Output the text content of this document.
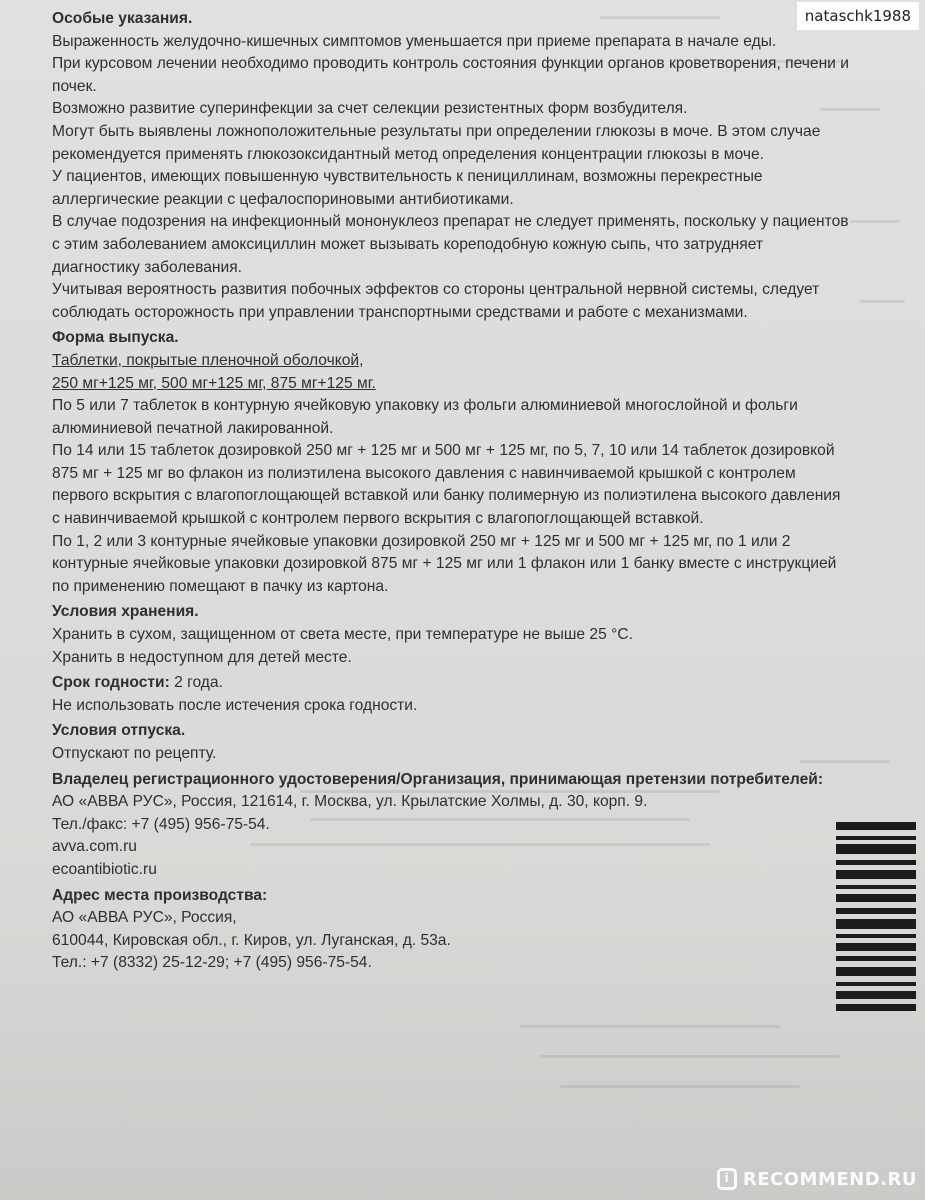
Особые указания.

Выраженность желудочно-кишечных симптомов уменьшается при приеме препарата в начале еды.

При курсовом лечении необходимо проводить контроль состояния функции органов кроветворения, печени и почек.

Возможно развитие суперинфекции за счет селекции резистентных форм возбудителя.

Могут быть выявлены ложноположительные результаты при определении глюкозы в моче. В этом случае рекомендуется применять глюкозоксидантный метод определения концентрации глюкозы в моче.

У пациентов, имеющих повышенную чувствительность к пенициллинам, возможны перекрестные аллергические реакции с цефалоспориновыми антибиотиками.

В случае подозрения на инфекционный мононуклеоз препарат не следует применять, поскольку у пациентов с этим заболеванием амоксициллин может вызывать кореподобную кожную сыпь, что затрудняет диагностику заболевания.

Учитывая вероятность развития побочных эффектов со стороны центральной нервной системы, следует соблюдать осторожность при управлении транспортными средствами и работе с механизмами.

Форма выпуска.

Таблетки, покрытые пленочной оболочкой,

250 мг+125 мг, 500 мг+125 мг, 875 мг+125 мг.

По 5 или 7 таблеток в контурную ячейковую упаковку из фольги алюминиевой многослойной и фольги алюминиевой печатной лакированной.

По 14 или 15 таблеток дозировкой 250 мг + 125 мг и 500 мг + 125 мг, по 5, 7, 10 или 14 таблеток дозировкой 875 мг + 125 мг во флакон из полиэтилена высокого давления с навинчиваемой крышкой с контролем первого вскрытия с влагопоглощающей вставкой или банку полимерную из полиэтилена высокого давления с навинчиваемой крышкой с контролем первого вскрытия с влагопоглощающей вставкой.

По 1, 2 или 3 контурные ячейковые упаковки дозировкой 250 мг + 125 мг и 500 мг + 125 мг, по 1 или 2 контурные ячейковые упаковки дозировкой 875 мг + 125 мг или 1 флакон или 1 банку вместе с инструкцией по применению помещают в пачку из картона.

Условия хранения.

Хранить в сухом, защищенном от света месте, при температуре не выше 25 °С.

Хранить в недоступном для детей месте.

Срок годности: 2 года.

Не использовать после истечения срока годности.

Условия отпуска.

Отпускают по рецепту.

Владелец регистрационного удостоверения/Организация, принимающая претензии потребителей:

АО «АВВА РУС», Россия, 121614, г. Москва, ул. Крылатские Холмы, д. 30, корп. 9.

Тел./факс: +7 (495) 956-75-54.

avva.com.ru

ecoantibiotic.ru

Адрес места производства:

АО «АВВА РУС», Россия,

610044, Кировская обл., г. Киров, ул. Луганская, д. 53а.

Тел.: +7 (8332) 25-12-29; +7 (495) 956-75-54.

nataschk1988
i RECOMMEND.RU
